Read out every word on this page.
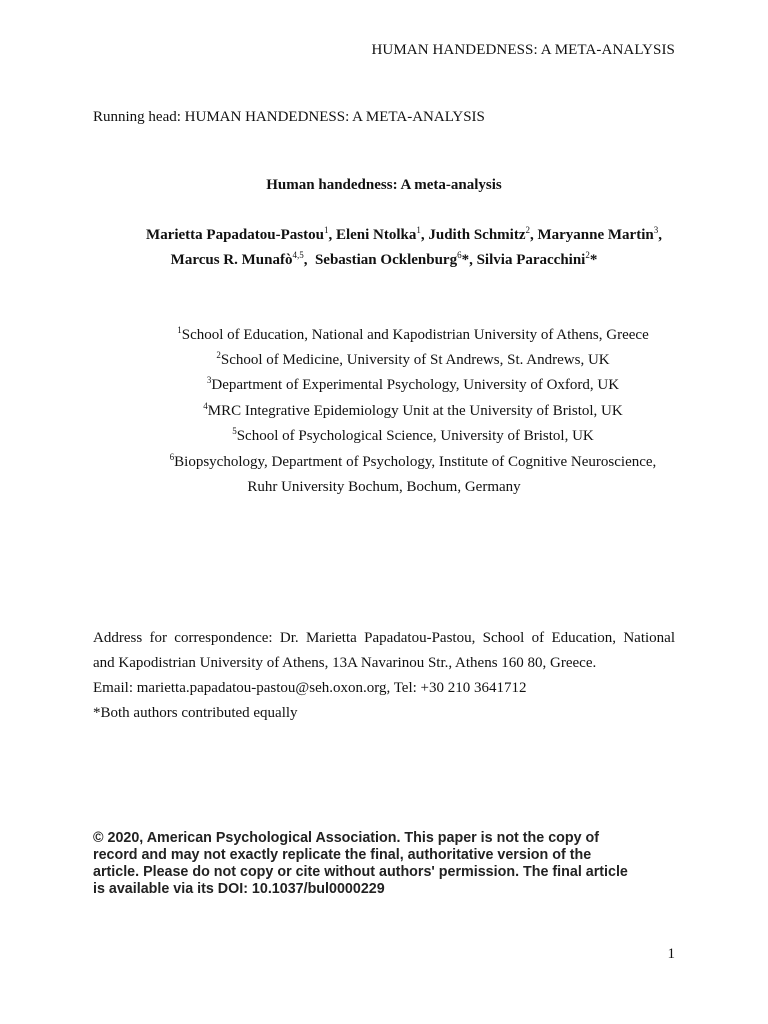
HUMAN HANDEDNESS: A META-ANALYSIS
Running head: HUMAN HANDEDNESS: A META-ANALYSIS
Human handedness: A meta-analysis
Marietta Papadatou-Pastou$^1$, Eleni Ntolka$^1$, Judith Schmitz$^2$, Maryanne Martin$^3$,
Marcus R. Munafò$^{4,5}$,  Sebastian Ocklenburg$^6$*, Silvia Paracchini$^2$*
$^1$School of Education, National and Kapodistrian University of Athens, Greece
$^2$School of Medicine, University of St Andrews, St. Andrews, UK
$^3$Department of Experimental Psychology, University of Oxford, UK
$^4$MRC Integrative Epidemiology Unit at the University of Bristol, UK
$^5$School of Psychological Science, University of Bristol, UK
$^6$Biopsychology, Department of Psychology, Institute of Cognitive Neuroscience,
Ruhr University Bochum, Bochum, Germany
Address for correspondence: Dr. Marietta Papadatou-Pastou, School of Education, National
and Kapodistrian University of Athens, 13A Navarinou Str., Athens 160 80, Greece.
Email: marietta.papadatou-pastou@seh.oxon.org, Tel: +30 210 3641712
*Both authors contributed equally
© 2020, American Psychological Association. This paper is not the copy of
record and may not exactly replicate the final, authoritative version of the
article. Please do not copy or cite without authors' permission. The final article
is available via its DOI: 10.1037/bul0000229
1
